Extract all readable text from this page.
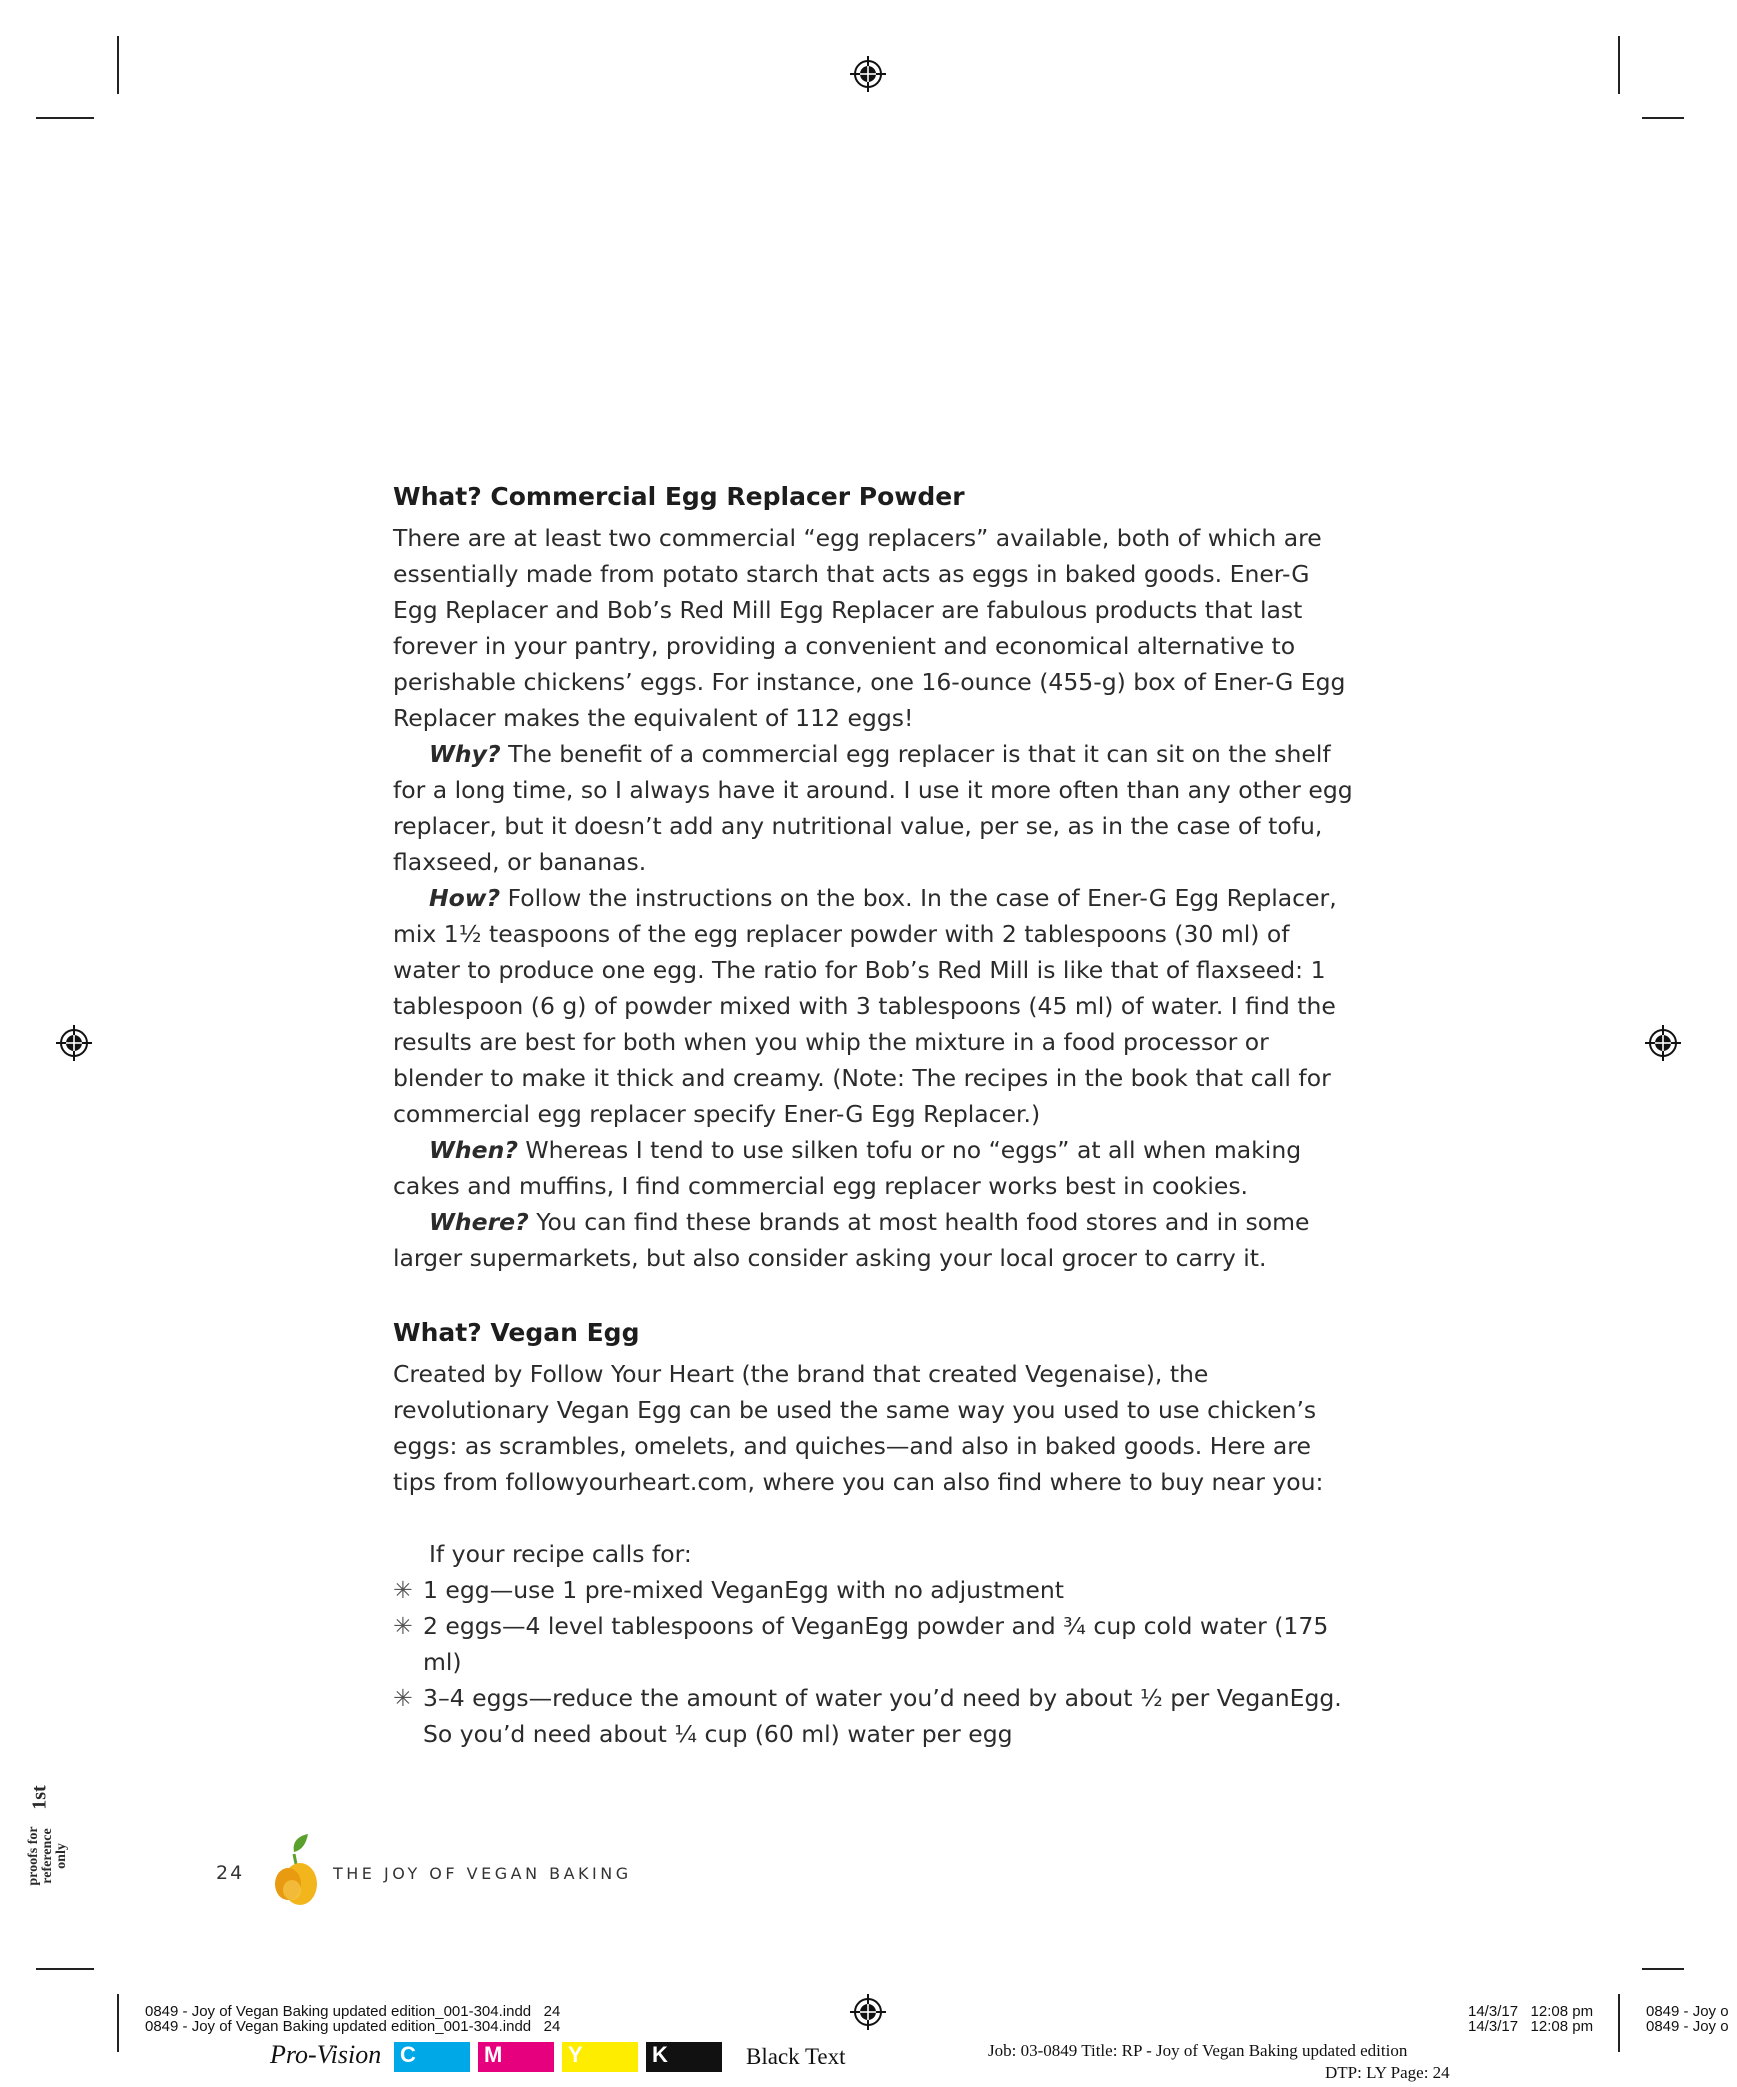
What? Commercial Egg Replacer Powder

There are at least two commercial “egg replacers” available, both of which are essentially made from potato starch that acts as eggs in baked goods. Ener-G Egg Replacer and Bob’s Red Mill Egg Replacer are fabulous products that last forever in your pantry, providing a convenient and economical alternative to perishable chickens’ eggs. For instance, one 16-ounce (455-g) box of Ener-G Egg Replacer makes the equivalent of 112 eggs!

Why? The benefit of a commercial egg replacer is that it can sit on the shelf for a long time, so I always have it around. I use it more often than any other egg replacer, but it doesn’t add any nutritional value, per se, as in the case of tofu, flaxseed, or bananas.

How? Follow the instructions on the box. In the case of Ener-G Egg Replacer, mix 1½ teaspoons of the egg replacer powder with 2 tablespoons (30 ml) of water to produce one egg. The ratio for Bob’s Red Mill is like that of flaxseed: 1 tablespoon (6 g) of powder mixed with 3 tablespoons (45 ml) of water. I find the results are best for both when you whip the mixture in a food processor or blender to make it thick and creamy. (Note: The recipes in the book that call for commercial egg replacer specify Ener-G Egg Replacer.)

When? Whereas I tend to use silken tofu or no “eggs” at all when making cakes and muffins, I find commercial egg replacer works best in cookies.

Where? You can find these brands at most health food stores and in some larger supermarkets, but also consider asking your local grocer to carry it.

What? Vegan Egg

Created by Follow Your Heart (the brand that created Vegenaise), the revolutionary Vegan Egg can be used the same way you used to use chicken’s eggs: as scrambles, omelets, and quiches—and also in baked goods. Here are tips from followyourheart.com, where you can also find where to buy near you:

If your recipe calls for:

✳ 1 egg—use 1 pre-mixed VeganEgg with no adjustment
✳ 2 eggs—4 level tablespoons of VeganEgg powder and ¾ cup cold water (175 ml)
✳ 3–4 eggs—reduce the amount of water you’d need by about ½ per VeganEgg. So you’d need about ¼ cup (60 ml) water per egg
24	THE JOY OF VEGAN BAKING
proofs for reference only
1st
0849 - Joy of Vegan Baking updated edition_001-304.indd   24
0849 - Joy of Vegan Baking updated edition_001-304.indd   24
14/3/17   12:08 pm
14/3/17   12:08 pm
0849 - Joy o
0849 - Joy o
Pro-Vision C	M	Y	K	Black Text	Job: 03-0849 Title: RP - Joy of Vegan Baking updated edition
DTP: LY Page: 24
